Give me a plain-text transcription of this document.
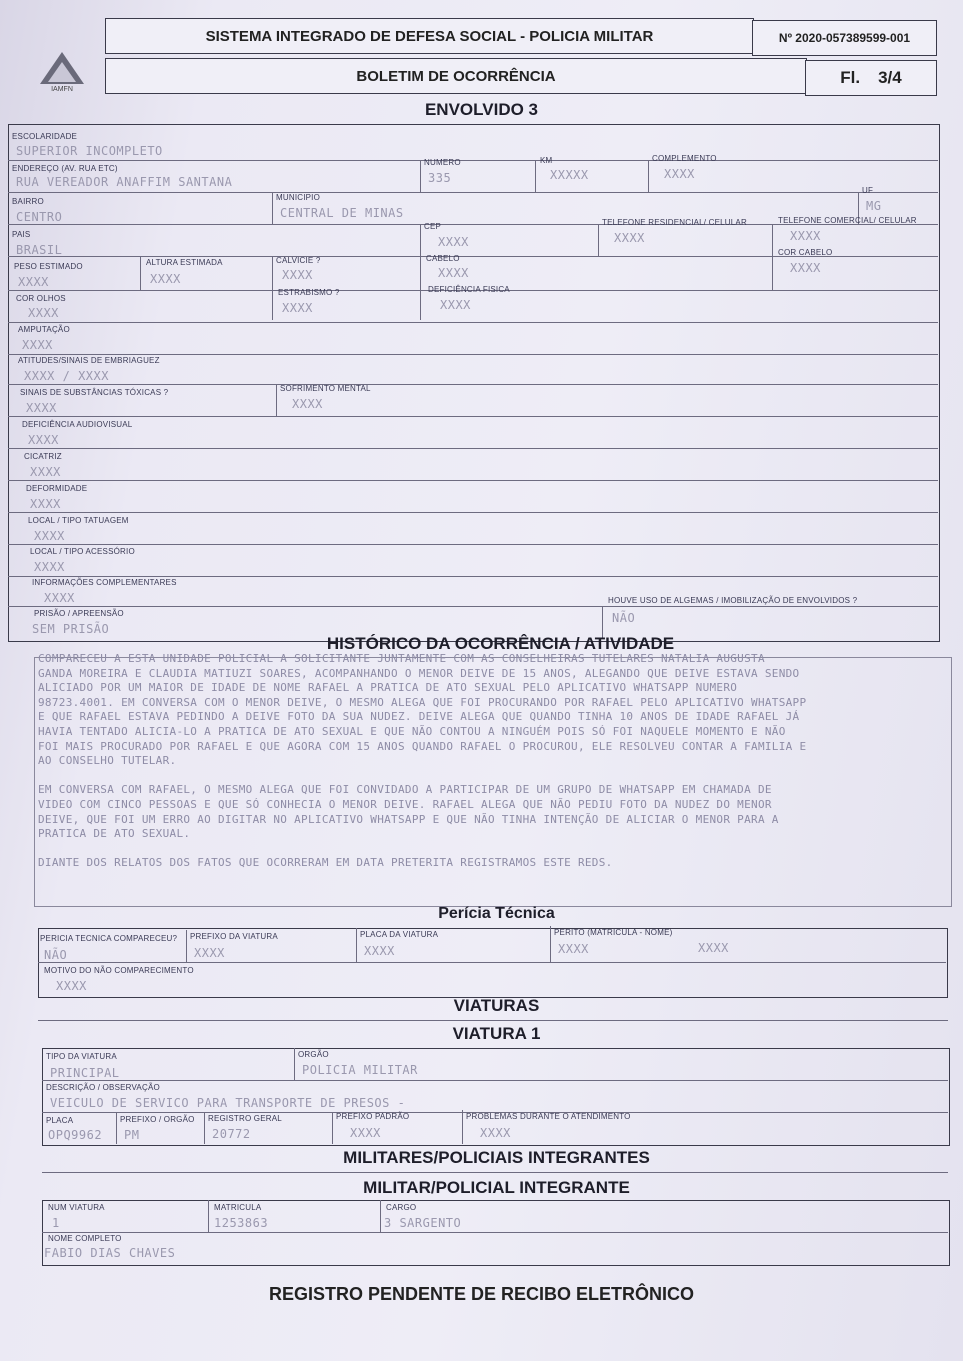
SISTEMA INTEGRADO DE DEFESA SOCIAL - POLICIA MILITAR	Nº 2020-057389599-001
IAMFN
BOLETIM DE OCORRÊNCIA	Fl. 3/4
ENVOLVIDO 3
ESCOLARIDADE
SUPERIOR INCOMPLETO
ENDEREÇO (AV. RUA ETC)
RUA VEREADOR ANAFFIM SANTANA
NUMERO
335
KM
XXXXX
COMPLEMENTO
XXXX
BAIRRO
CENTRO
MUNICIPIO
CENTRAL DE MINAS
UF
MG
PAIS
BRASIL
CEP
XXXX
TELEFONE RESIDENCIAL/ CELULAR
XXXX
TELEFONE COMERCIAL/ CELULAR
XXXX
PESO ESTIMADO
XXXX
ALTURA ESTIMADA
XXXX
CALVICIE ?
XXXX
CABELO
XXXX
COR CABELO
XXXX
COR OLHOS
XXXX
ESTRABISMO ?
XXXX
DEFICIÊNCIA FISICA
XXXX
AMPUTAÇÃO
XXXX
ATITUDES/SINAIS DE EMBRIAGUEZ
XXXX / XXXX
SINAIS DE SUBSTÂNCIAS TÓXICAS ?
XXXX
SOFRIMENTO MENTAL
XXXX
DEFICIÊNCIA AUDIOVISUAL
XXXX
CICATRIZ
XXXX
DEFORMIDADE
XXXX
LOCAL / TIPO TATUAGEM
XXXX
LOCAL / TIPO ACESSÓRIO
XXXX
INFORMAÇÕES COMPLEMENTARES
XXXX
PRISÃO / APREENSÃO
SEM PRISÃO
HOUVE USO DE ALGEMAS / IMOBILIZAÇÃO DE ENVOLVIDOS ?
NÃO
HISTÓRICO DA OCORRÊNCIA / ATIVIDADE
COMPARECEU A ESTA UNIDADE POLICIAL A SOLICITANTE JUNTAMENTE COM AS CONSELHEIRAS TUTELARES NATALIA AUGUSTA
GANDA MOREIRA E CLAUDIA MATIUZI SOARES, ACOMPANHANDO O MENOR DEIVE DE 15 ANOS, ALEGANDO QUE DEIVE ESTAVA SENDO
ALICIADO POR UM MAIOR DE IDADE DE NOME RAFAEL A PRATICA DE ATO SEXUAL PELO APLICATIVO WHATSAPP NUMERO
98723.4001. EM CONVERSA COM O MENOR DEIVE, O MESMO ALEGA QUE FOI PROCURANDO POR RAFAEL PELO APLICATIVO WHATSAPP
E QUE RAFAEL ESTAVA PEDINDO A DEIVE FOTO DA SUA NUDEZ. DEIVE ALEGA QUE QUANDO TINHA 10 ANOS DE IDADE RAFAEL JÁ
HAVIA TENTADO ALICIA-LO A PRATICA DE ATO SEXUAL E QUE NÃO CONTOU A NINGUÉM POIS SÓ FOI NAQUELE MOMENTO E NÃO
FOI MAIS PROCURADO POR RAFAEL E QUE AGORA COM 15 ANOS QUANDO RAFAEL O PROCUROU, ELE RESOLVEU CONTAR A FAMILIA E
AO CONSELHO TUTELAR.
EM CONVERSA COM RAFAEL, O MESMO ALEGA QUE FOI CONVIDADO A PARTICIPAR DE UM GRUPO DE WHATSAPP EM CHAMADA DE
VIDEO COM CINCO PESSOAS E QUE SÓ CONHECIA O MENOR DEIVE. RAFAEL ALEGA QUE NÃO PEDIU FOTO DA NUDEZ DO MENOR
DEIVE, QUE FOI UM ERRO AO DIGITAR NO APLICATIVO WHATSAPP E QUE NÃO TINHA INTENÇÃO DE ALICIAR O MENOR PARA A
PRATICA DE ATO SEXUAL.
DIANTE DOS RELATOS DOS FATOS QUE OCORRERAM EM DATA PRETERITA REGISTRAMOS ESTE REDS.
Perícia Técnica
PERICIA TECNICA COMPARECEU?
NÃO
PREFIXO DA VIATURA
XXXX
PLACA DA VIATURA
XXXX
PERITO (MATRICULA - NOME)
XXXX	XXXX
MOTIVO DO NÃO COMPARECIMENTO
XXXX
VIATURAS
VIATURA 1
TIPO DA VIATURA
PRINCIPAL
ORGÃO
POLICIA MILITAR
DESCRIÇÃO / OBSERVAÇÃO
VEICULO DE SERVICO PARA TRANSPORTE DE PRESOS -
PLACA
OPQ9962
PREFIXO / ORGÃO
PM
REGISTRO GERAL
20772
PREFIXO PADRÃO
XXXX
PROBLEMAS DURANTE O ATENDIMENTO
XXXX
MILITARES/POLICIAIS INTEGRANTES
MILITAR/POLICIAL INTEGRANTE
NUM VIATURA
1
MATRICULA
1253863
CARGO
3 SARGENTO
NOME COMPLETO
FABIO DIAS CHAVES
REGISTRO PENDENTE DE RECIBO ELETRÔNICO
